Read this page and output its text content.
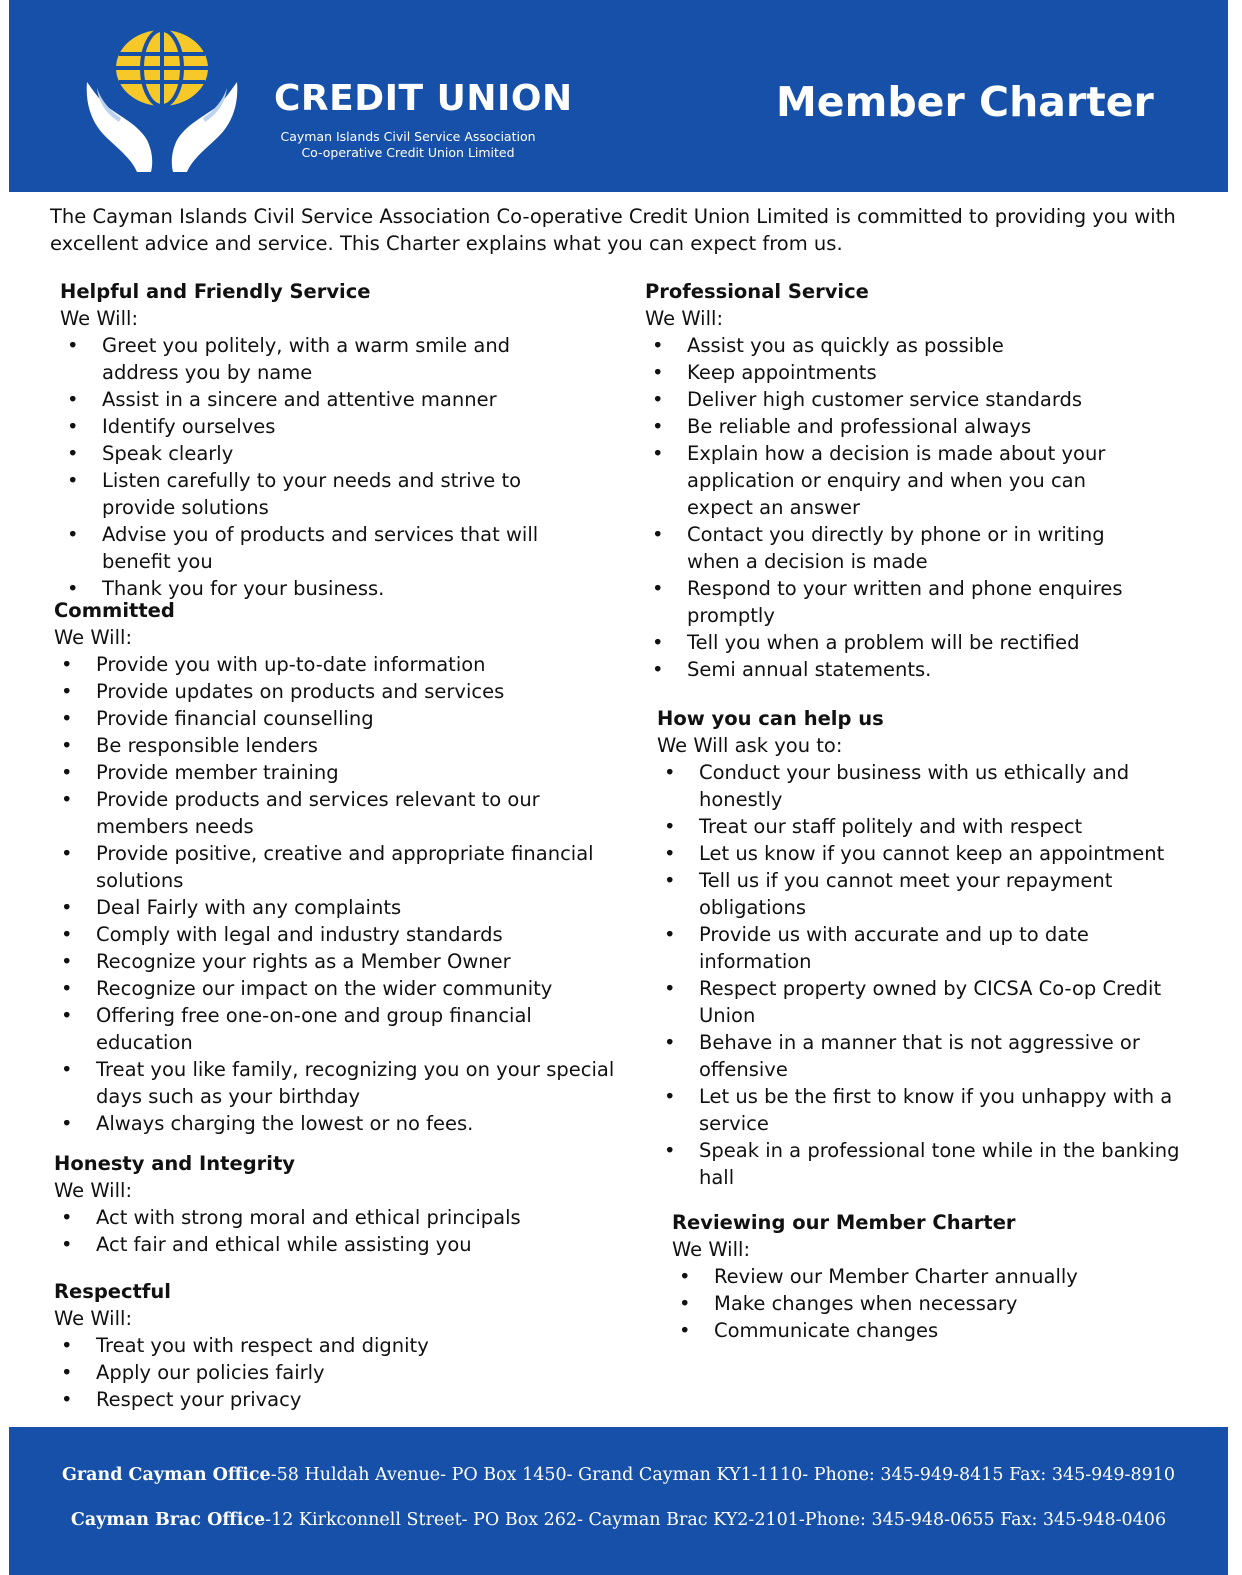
CREDIT UNION
Cayman Islands Civil Service Association
Co-operative Credit Union Limited
Member Charter

The Cayman Islands Civil Service Association Co-operative Credit Union Limited is committed to providing you with excellent advice and service. This Charter explains what you can expect from us.

Helpful and Friendly Service
We Will:
• Greet you politely, with a warm smile and address you by name
• Assist in a sincere and attentive manner
• Identify ourselves
• Speak clearly
• Listen carefully to your needs and strive to provide solutions
• Advise you of products and services that will benefit you
• Thank you for your business.
Committed
We Will:
• Provide you with up-to-date information
• Provide updates on products and services
• Provide financial counselling
• Be responsible lenders
• Provide member training
• Provide products and services relevant to our members needs
• Provide positive, creative and appropriate financial solutions
• Deal Fairly with any complaints
• Comply with legal and industry standards
• Recognize your rights as a Member Owner
• Recognize our impact on the wider community
• Offering free one-on-one and group financial education
• Treat you like family, recognizing you on your special days such as your birthday
• Always charging the lowest or no fees.
Honesty and Integrity
We Will:
• Act with strong moral and ethical principals
• Act fair and ethical while assisting you
Respectful
We Will:
• Treat you with respect and dignity
• Apply our policies fairly
• Respect your privacy
Professional Service
We Will:
• Assist you as quickly as possible
• Keep appointments
• Deliver high customer service standards
• Be reliable and professional always
• Explain how a decision is made about your application or enquiry and when you can expect an answer
• Contact you directly by phone or in writing when a decision is made
• Respond to your written and phone enquires promptly
• Tell you when a problem will be rectified
• Semi annual statements.
How you can help us
We Will ask you to:
• Conduct your business with us ethically and honestly
• Treat our staff politely and with respect
• Let us know if you cannot keep an appointment
• Tell us if you cannot meet your repayment obligations
• Provide us with accurate and up to date information
• Respect property owned by CICSA Co-op Credit Union
• Behave in a manner that is not aggressive or offensive
• Let us be the first to know if you unhappy with a service
• Speak in a professional tone while in the banking hall
Reviewing our Member Charter
We Will:
• Review our Member Charter annually
• Make changes when necessary
• Communicate changes
Grand Cayman Office-58 Huldah Avenue- PO Box 1450- Grand Cayman KY1-1110- Phone: 345-949-8415 Fax: 345-949-8910
Cayman Brac Office-12 Kirkconnell Street- PO Box 262- Cayman Brac KY2-2101-Phone: 345-948-0655 Fax: 345-948-0406
